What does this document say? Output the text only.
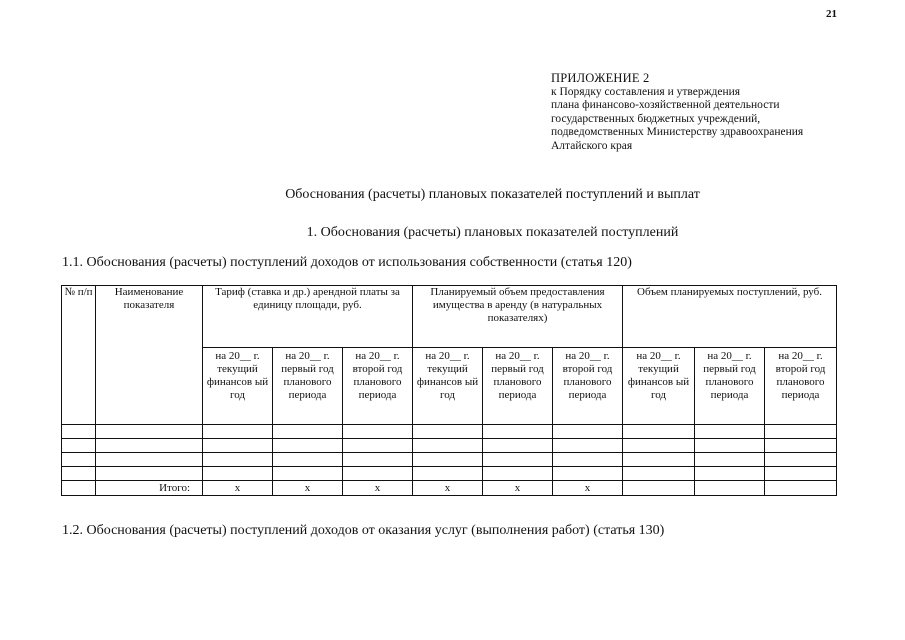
21
ПРИЛОЖЕНИЕ 2
к Порядку составления и утверждения
плана финансово-хозяйственной деятельности
государственных бюджетных учреждений,
подведомственных Министерству здравоохранения
Алтайского края
Обоснования (расчеты) плановых показателей поступлений и выплат
1. Обоснования (расчеты) плановых показателей поступлений
1.1. Обоснования (расчеты) поступлений доходов от использования собственности (статья 120)
№ п/п	Наименование показателя	Тариф (ставка и др.) арендной платы за единицу площади, руб.			Планируемый объем предоставления имущества в аренду (в натуральных показателях)			Объем планируемых поступлений, руб.		
		на 20__ г. текущий финансов ый год	на 20__ г. первый год планового периода	на 20__ г. второй год планового периода	на 20__ г. текущий финансов ый год	на 20__ г. первый год планового периода	на 20__ г. второй год планового периода	на 20__ г. текущий финансов ый год	на 20__ г. первый год планового периода	на 20__ г. второй год планового периода

	Итого:	x	x	x	x	x	x			
1.2. Обоснования (расчеты) поступлений доходов от оказания услуг (выполнения работ) (статья 130)
